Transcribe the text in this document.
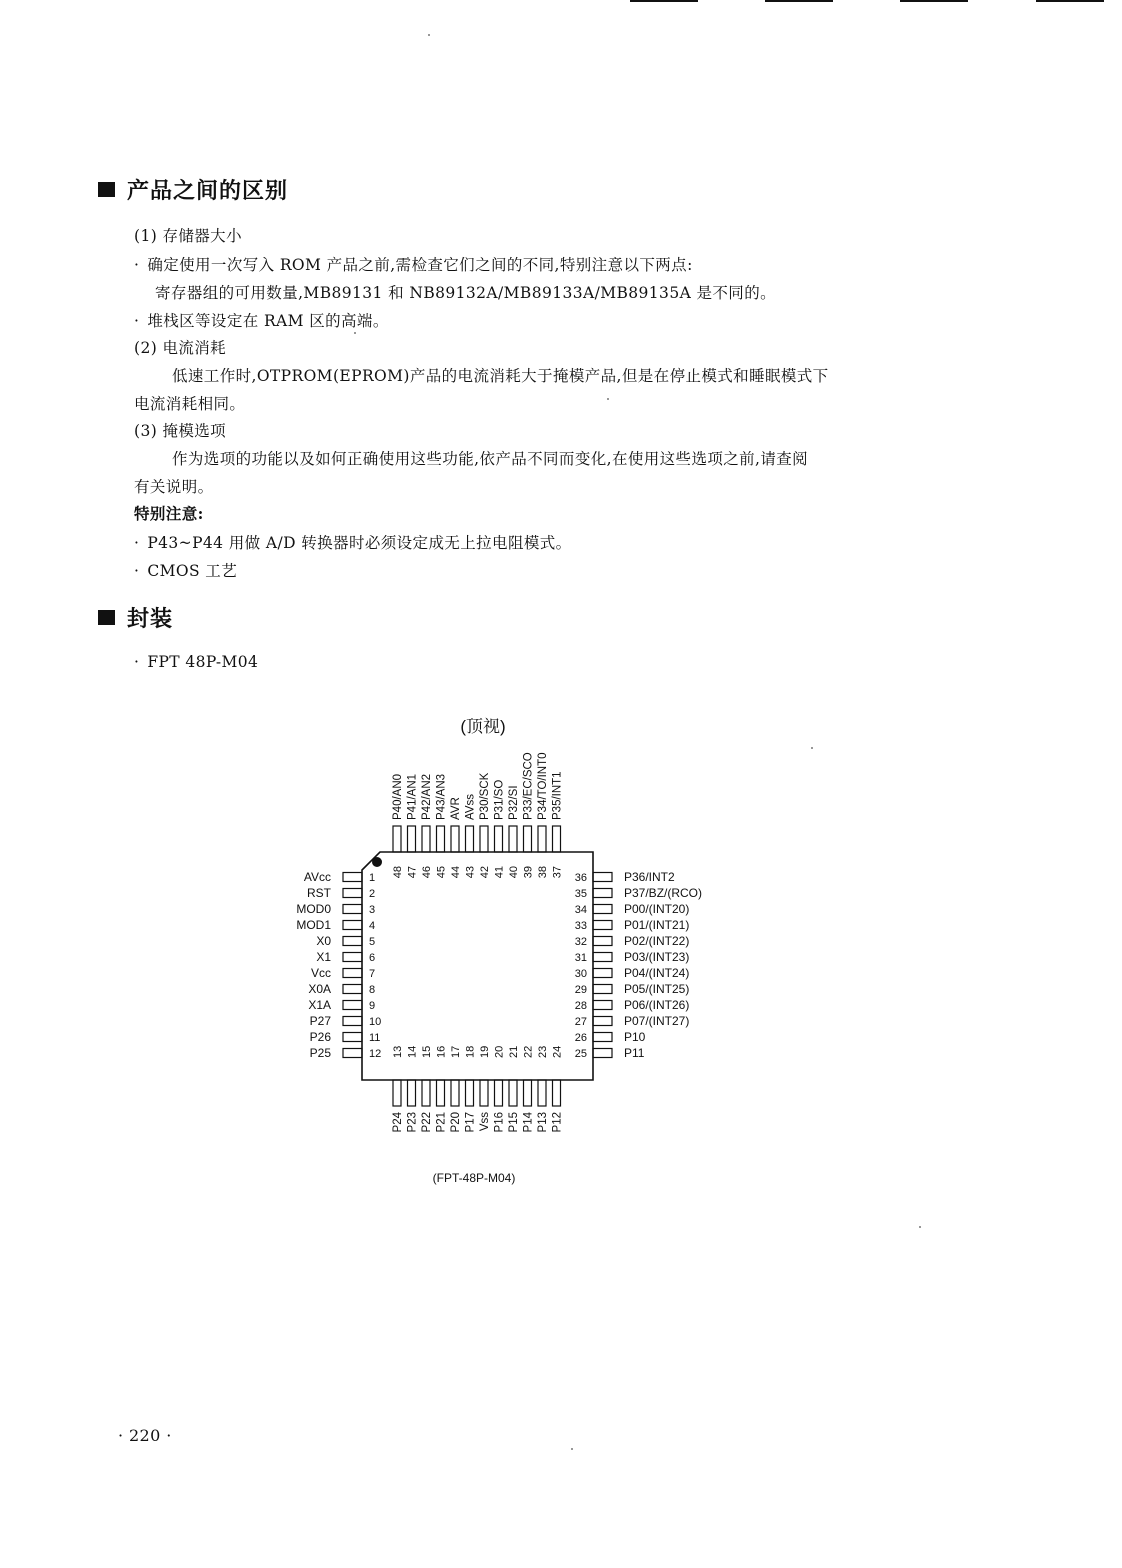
产品之间的区别
(1) 存储器大小
· 确定使用一次写入 ROM 产品之前,需检查它们之间的不同,特别注意以下两点:
寄存器组的可用数量,MB89131 和 NB89132A/MB89133A/MB89135A 是不同的。
· 堆栈区等设定在 RAM 区的高端。
(2) 电流消耗
低速工作时,OTPROM(EPROM)产品的电流消耗大于掩模产品,但是在停止模式和睡眠模式下
电流消耗相同。
(3) 掩模选项
作为选项的功能以及如何正确使用这些功能,依产品不同而变化,在使用这些选项之前,请查阅
有关说明。
特别注意:
· P43~P44 用做 A/D 转换器时必须设定成无上拉电阻模式。
· CMOS 工艺
封装
· FPT 48P-M04
(顶视)
1
AVcc
2
RST
3
MOD0
4
MOD1
5
X0
6
X1
7
Vcc
8
X0A
9
X1A
10
P27
11
P26
12
P25
36	P36/INT2
35	P37/BZ/(RCO)
34	P00/(INT20)
33	P01/(INT21)
32	P02/(INT22)
31	P03/(INT23)
30	P04/(INT24)
29	P05/(INT25)
28	P06/(INT26)
27	P07/(INT27)
26	P10
25	P11
48
P40/AN0
47
P41/AN1
46
P42/AN2
45
P43/AN3
44
AVR
43
AVss
42
P30/SCK
41
P31/SO
40
P32/SI
39
P33/EC/SCO
38
P34/TO/INT0
37
P35/INT1
13
P24
14
P23
15
P22
16
P21
17
P20
18
P17
19
Vss
20
P16
21
P15
22
P14
23
P13
24
P12
(FPT-48P-M04)
· 220 ·
